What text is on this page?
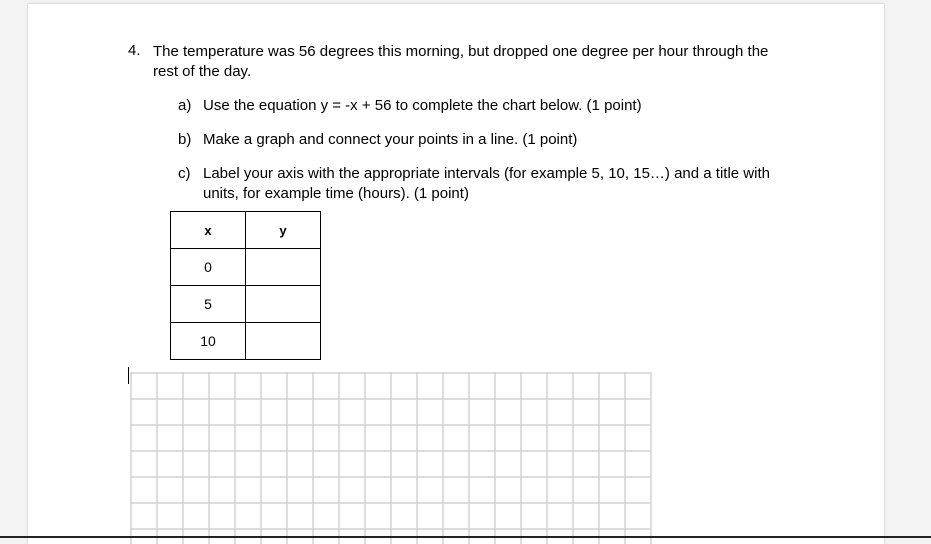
4. The temperature was 56 degrees this morning, but dropped one degree per hour through the rest of the day.
a) Use the equation y = -x + 56 to complete the chart below. (1 point)
b) Make a graph and connect your points in a line. (1 point)
c) Label your axis with the appropriate intervals (for example 5, 10, 15…) and a title with units, for example time (hours). (1 point)
x	y
0	
5	
10	
